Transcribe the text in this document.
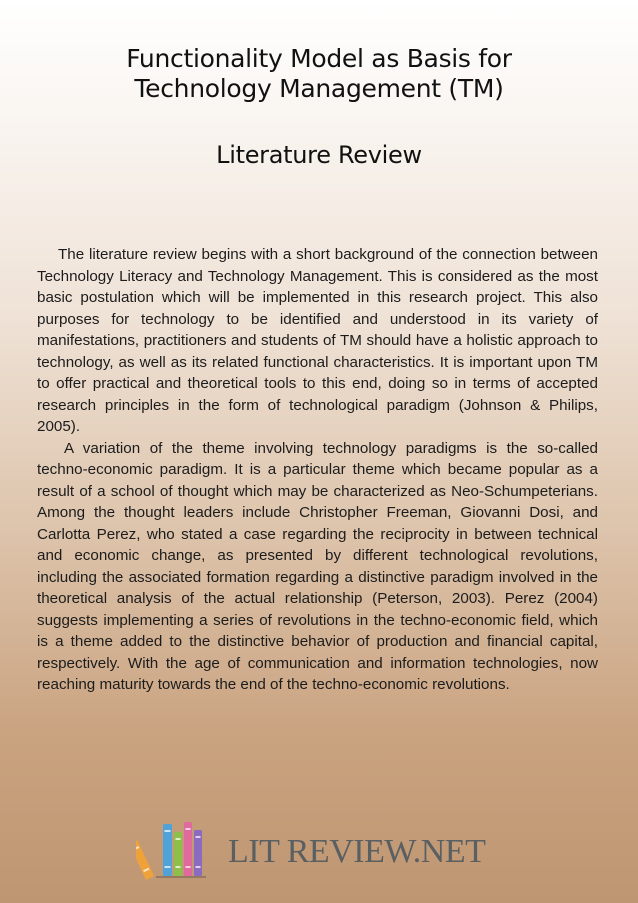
Functionality Model as Basis for
Technology Management (TM)
Literature Review

The literature review begins with a short background of the connection between Technology Literacy and Technology Management. This is considered as the most basic postulation which will be implemented in this research project. This also purposes for technology to be identified and understood in its variety of manifestations, practitioners and students of TM should have a holistic approach to technology, as well as its related functional characteristics. It is important upon TM to offer practical and theoretical tools to this end, doing so in terms of accepted research principles in the form of technological paradigm (Johnson & Philips, 2005).

A variation of the theme involving technology paradigms is the so-called techno-economic paradigm. It is a particular theme which became popular as a result of a school of thought which may be characterized as Neo-Schumpeterians. Among the thought leaders include Christopher Freeman, Giovanni Dosi, and Carlotta Perez, who stated a case regarding the reciprocity in between technical and economic change, as presented by different technological revolutions, including the associated formation regarding a distinctive paradigm involved in the theoretical analysis of the actual relationship (Peterson, 2003). Perez (2004) suggests implementing a series of revolutions in the techno-economic field, which is a theme added to the distinctive behavior of production and financial capital, respectively. With the age of communication and information technologies, now reaching maturity towards the end of the techno-economic revolutions.

LIT REVIEW.NET
